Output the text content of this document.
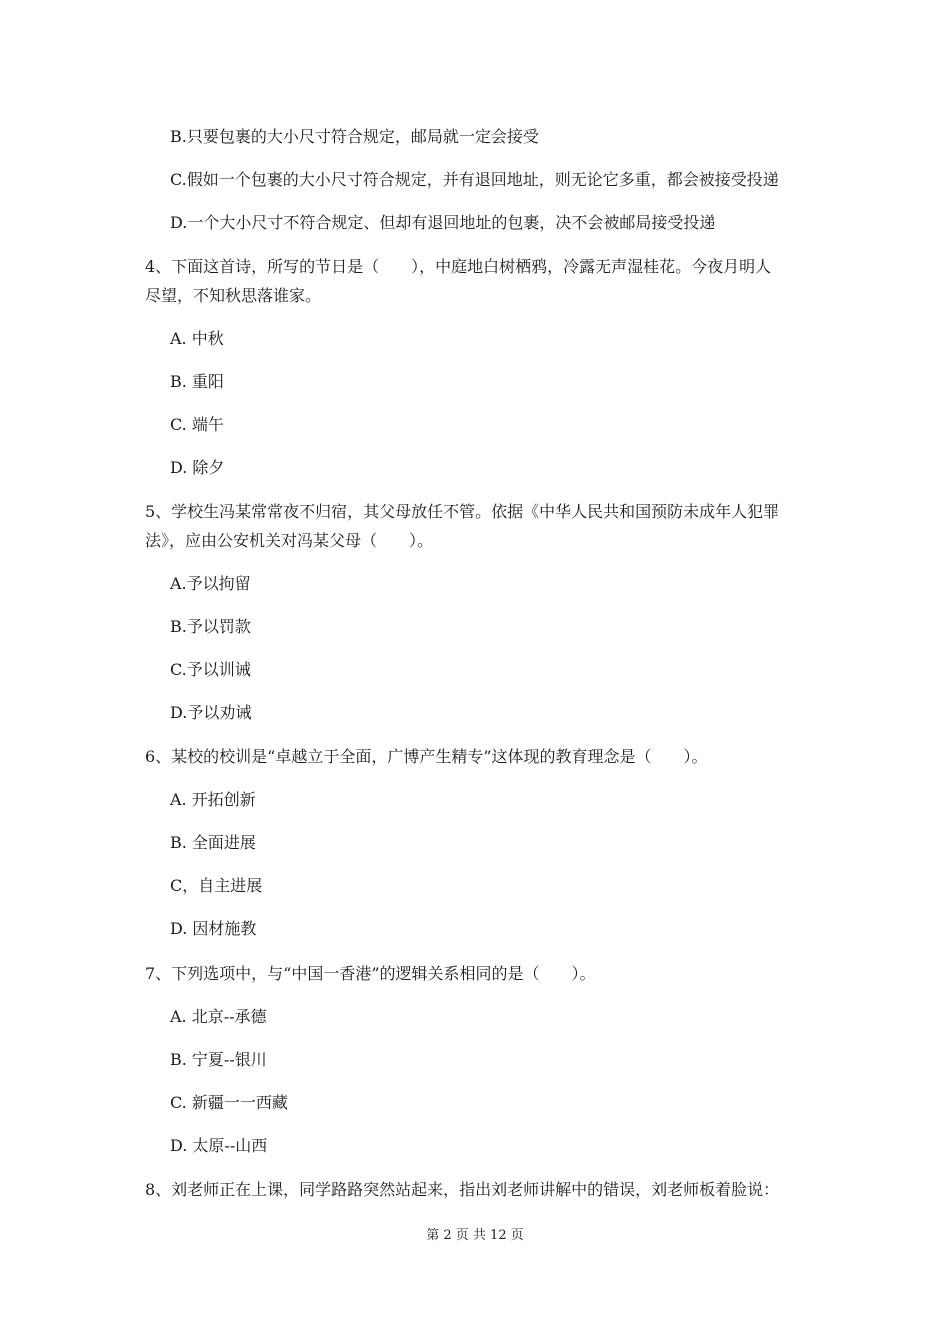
B.只要包裹的大小尺寸符合规定，邮局就一定会接受
C.假如一个包裹的大小尺寸符合规定，并有退回地址，则无论它多重，都会被接受投递
D.一个大小尺寸不符合规定、但却有退回地址的包裹，决不会被邮局接受投递
4、下面这首诗，所写的节日是（　　），中庭地白树栖鸦，冷露无声湿桂花。今夜月明人
尽望，不知秋思落谁家。
A. 中秋
B. 重阳
C. 端午
D. 除夕
5、学校生冯某常常夜不归宿，其父母放任不管。依据《中华人民共和国预防未成年人犯罪
法》，应由公安机关对冯某父母（　　）。
A.予以拘留
B.予以罚款
C.予以训诫
D.予以劝诫
6、某校的校训是“卓越立于全面，广博产生精专”这体现的教育理念是（　　）。
A. 开拓创新
B. 全面进展
C，自主进展
D. 因材施教
7、下列选项中，与“中国一香港”的逻辑关系相同的是（　　）。
A. 北京--承德
B. 宁夏--银川
C. 新疆一一西藏
D. 太原--山西
8、刘老师正在上课，同学路路突然站起来，指出刘老师讲解中的错误，刘老师板着脸说：
第 2 页 共 12 页
